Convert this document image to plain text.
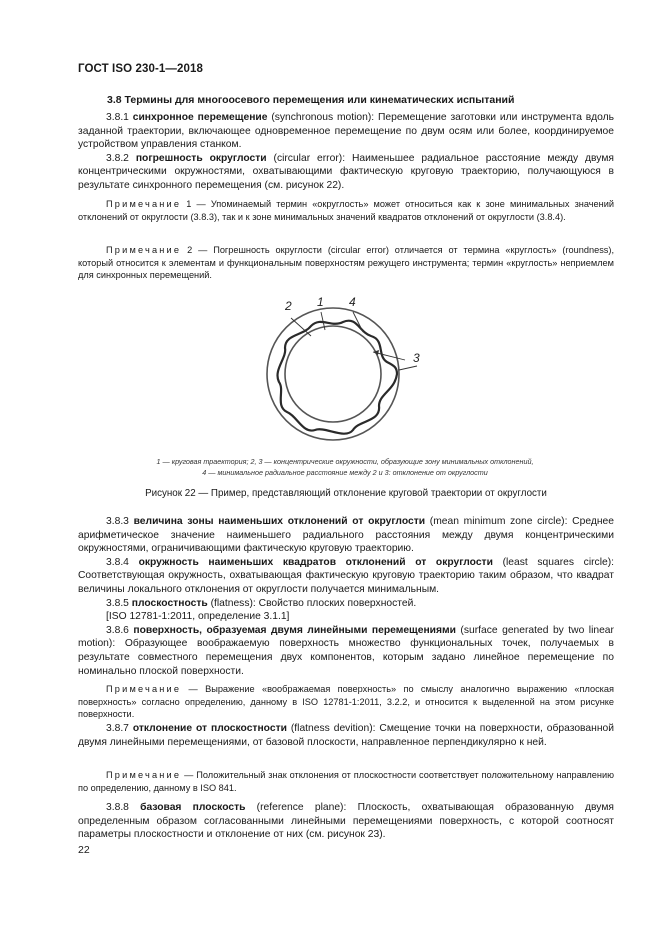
ГОСТ ISO 230-1—2018
3.8 Термины для многоосевого перемещения или кинематических испытаний

3.8.1 синхронное перемещение (synchronous motion): Перемещение заготовки или инструмента вдоль заданной траектории, включающее одновременное перемещение по двум осям или более, координируемое устройством управления станком.

3.8.2 погрешность округлости (circular error): Наименьшее радиальное расстояние между двумя концентрическими окружностями, охватывающими фактическую круговую траекторию, получающуюся в результате синхронного перемещения (см. рисунок 22).

Примечание 1 — Упоминаемый термин «округлость» может относиться как к зоне минимальных значений отклонений от округлости (3.8.3), так и к зоне минимальных значений квадратов отклонений от округлости (3.8.4).

Примечание 2 — Погрешность округлости (circular error) отличается от термина «круглость» (roundness), который относится к элементам и функциональным поверхностям режущего инструмента; термин «круглость» неприемлем для синхронных перемещений.

2 1 4
3
1 — круговая траектория; 2, 3 — концентрические окружности, образующие зону минимальных отклонений,
4 — минимальное радиальное расстояние между 2 и 3: отклонение от округлости
Рисунок 22 — Пример, представляющий отклонение круговой траектории от округлости

3.8.3 величина зоны наименьших отклонений от округлости (mean minimum zone circle): Среднее арифметическое значение наименьшего радиального расстояния между двумя концентрическими окружностями, ограничивающими фактическую круговую траекторию.

3.8.4 окружность наименьших квадратов отклонений от округлости (least squares circle): Соответствующая окружность, охватывающая фактическую круговую траекторию таким образом, что квадрат величины локального отклонения от округлости получается минимальным.

3.8.5 плоскостность (flatness): Свойство плоских поверхностей.

[ISO 12781-1:2011, определение 3.1.1]

3.8.6 поверхность, образуемая двумя линейными перемещениями (surface generated by two linear motion): Образующее воображаемую поверхность множество функциональных точек, получаемых в результате совместного перемещения двух компонентов, которым задано линейное перемещение по номинально плоской поверхности.

Примечание — Выражение «воображаемая поверхность» по смыслу аналогично выражению «плоская поверхность» согласно определению, данному в ISO 12781-1:2011, 3.2.2, и относится к выделенной на этом рисунке поверхности.

3.8.7 отклонение от плоскостности (flatness devition): Смещение точки на поверхности, образованной двумя линейными перемещениями, от базовой плоскости, направленное перпендикулярно к ней.

Примечание — Положительный знак отклонения от плоскостности соответствует положительному направлению по определению, данному в ISO 841.

3.8.8 базовая плоскость (reference plane): Плоскость, охватывающая образованную двумя определенным образом согласованными линейными перемещениями поверхность, с которой соотносят параметры плоскостности и отклонение от них (см. рисунок 23).

22
